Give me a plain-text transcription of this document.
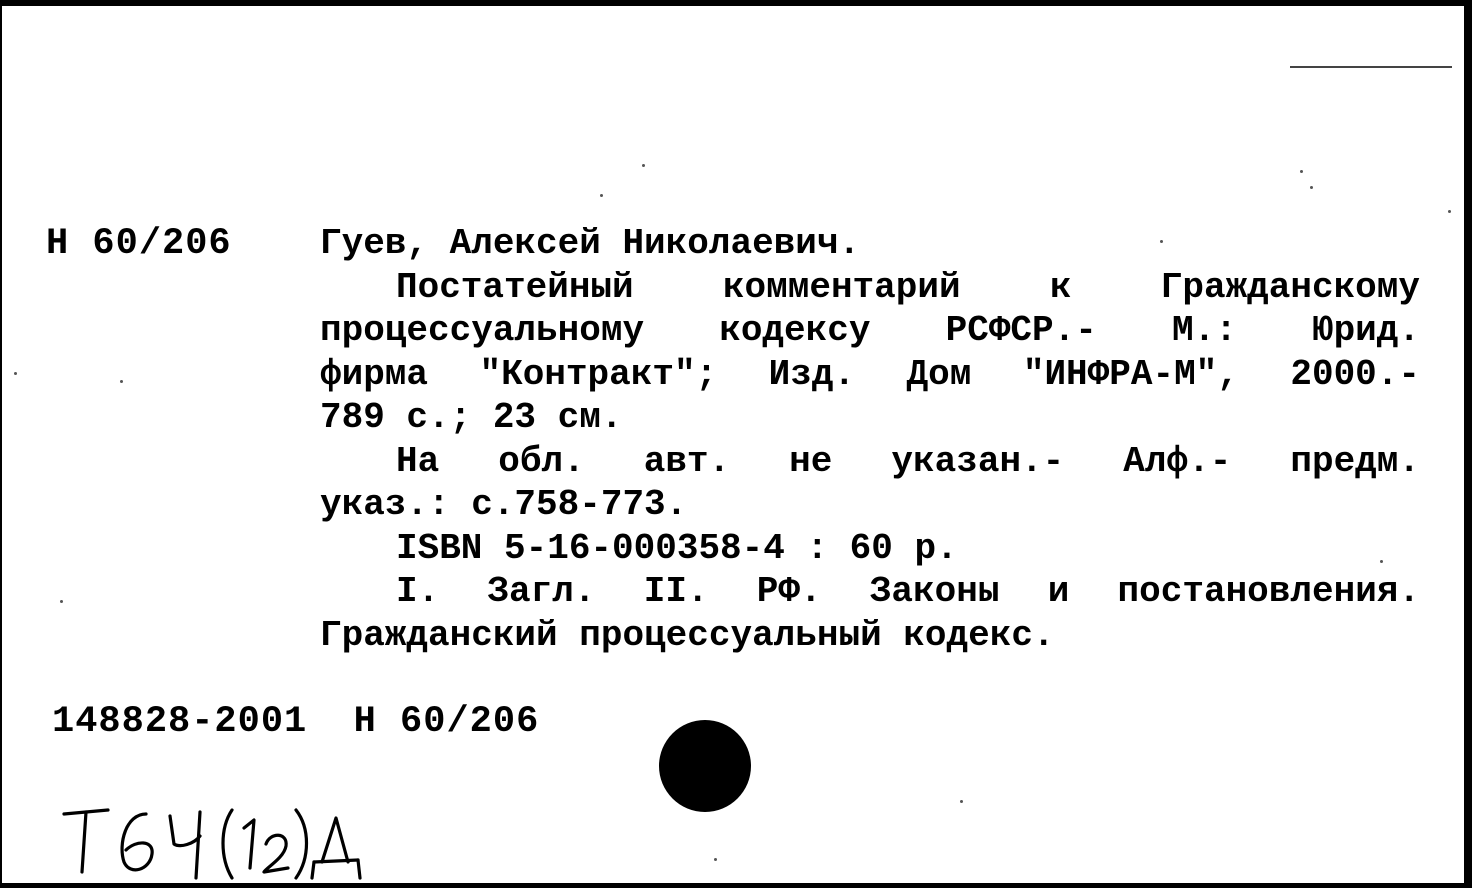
Н 60/206 Гуев, Алексей Николаевич.
Постатейный комментарий к Гражданскому
процессуальному кодексу РСФСР.- М.: Юрид.
фирма "Контракт"; Изд. Дом "ИНФРА-М", 2000.-
789 с.; 23 см.
На обл. авт. не указан.- Алф.- предм.
указ.: с.758-773.
ISBN 5-16-000358-4 : 60 р.
I. Загл. II. РФ. Законы и постановления.
Гражданский процессуальный кодекс.
148828-2001  Н 60/206
